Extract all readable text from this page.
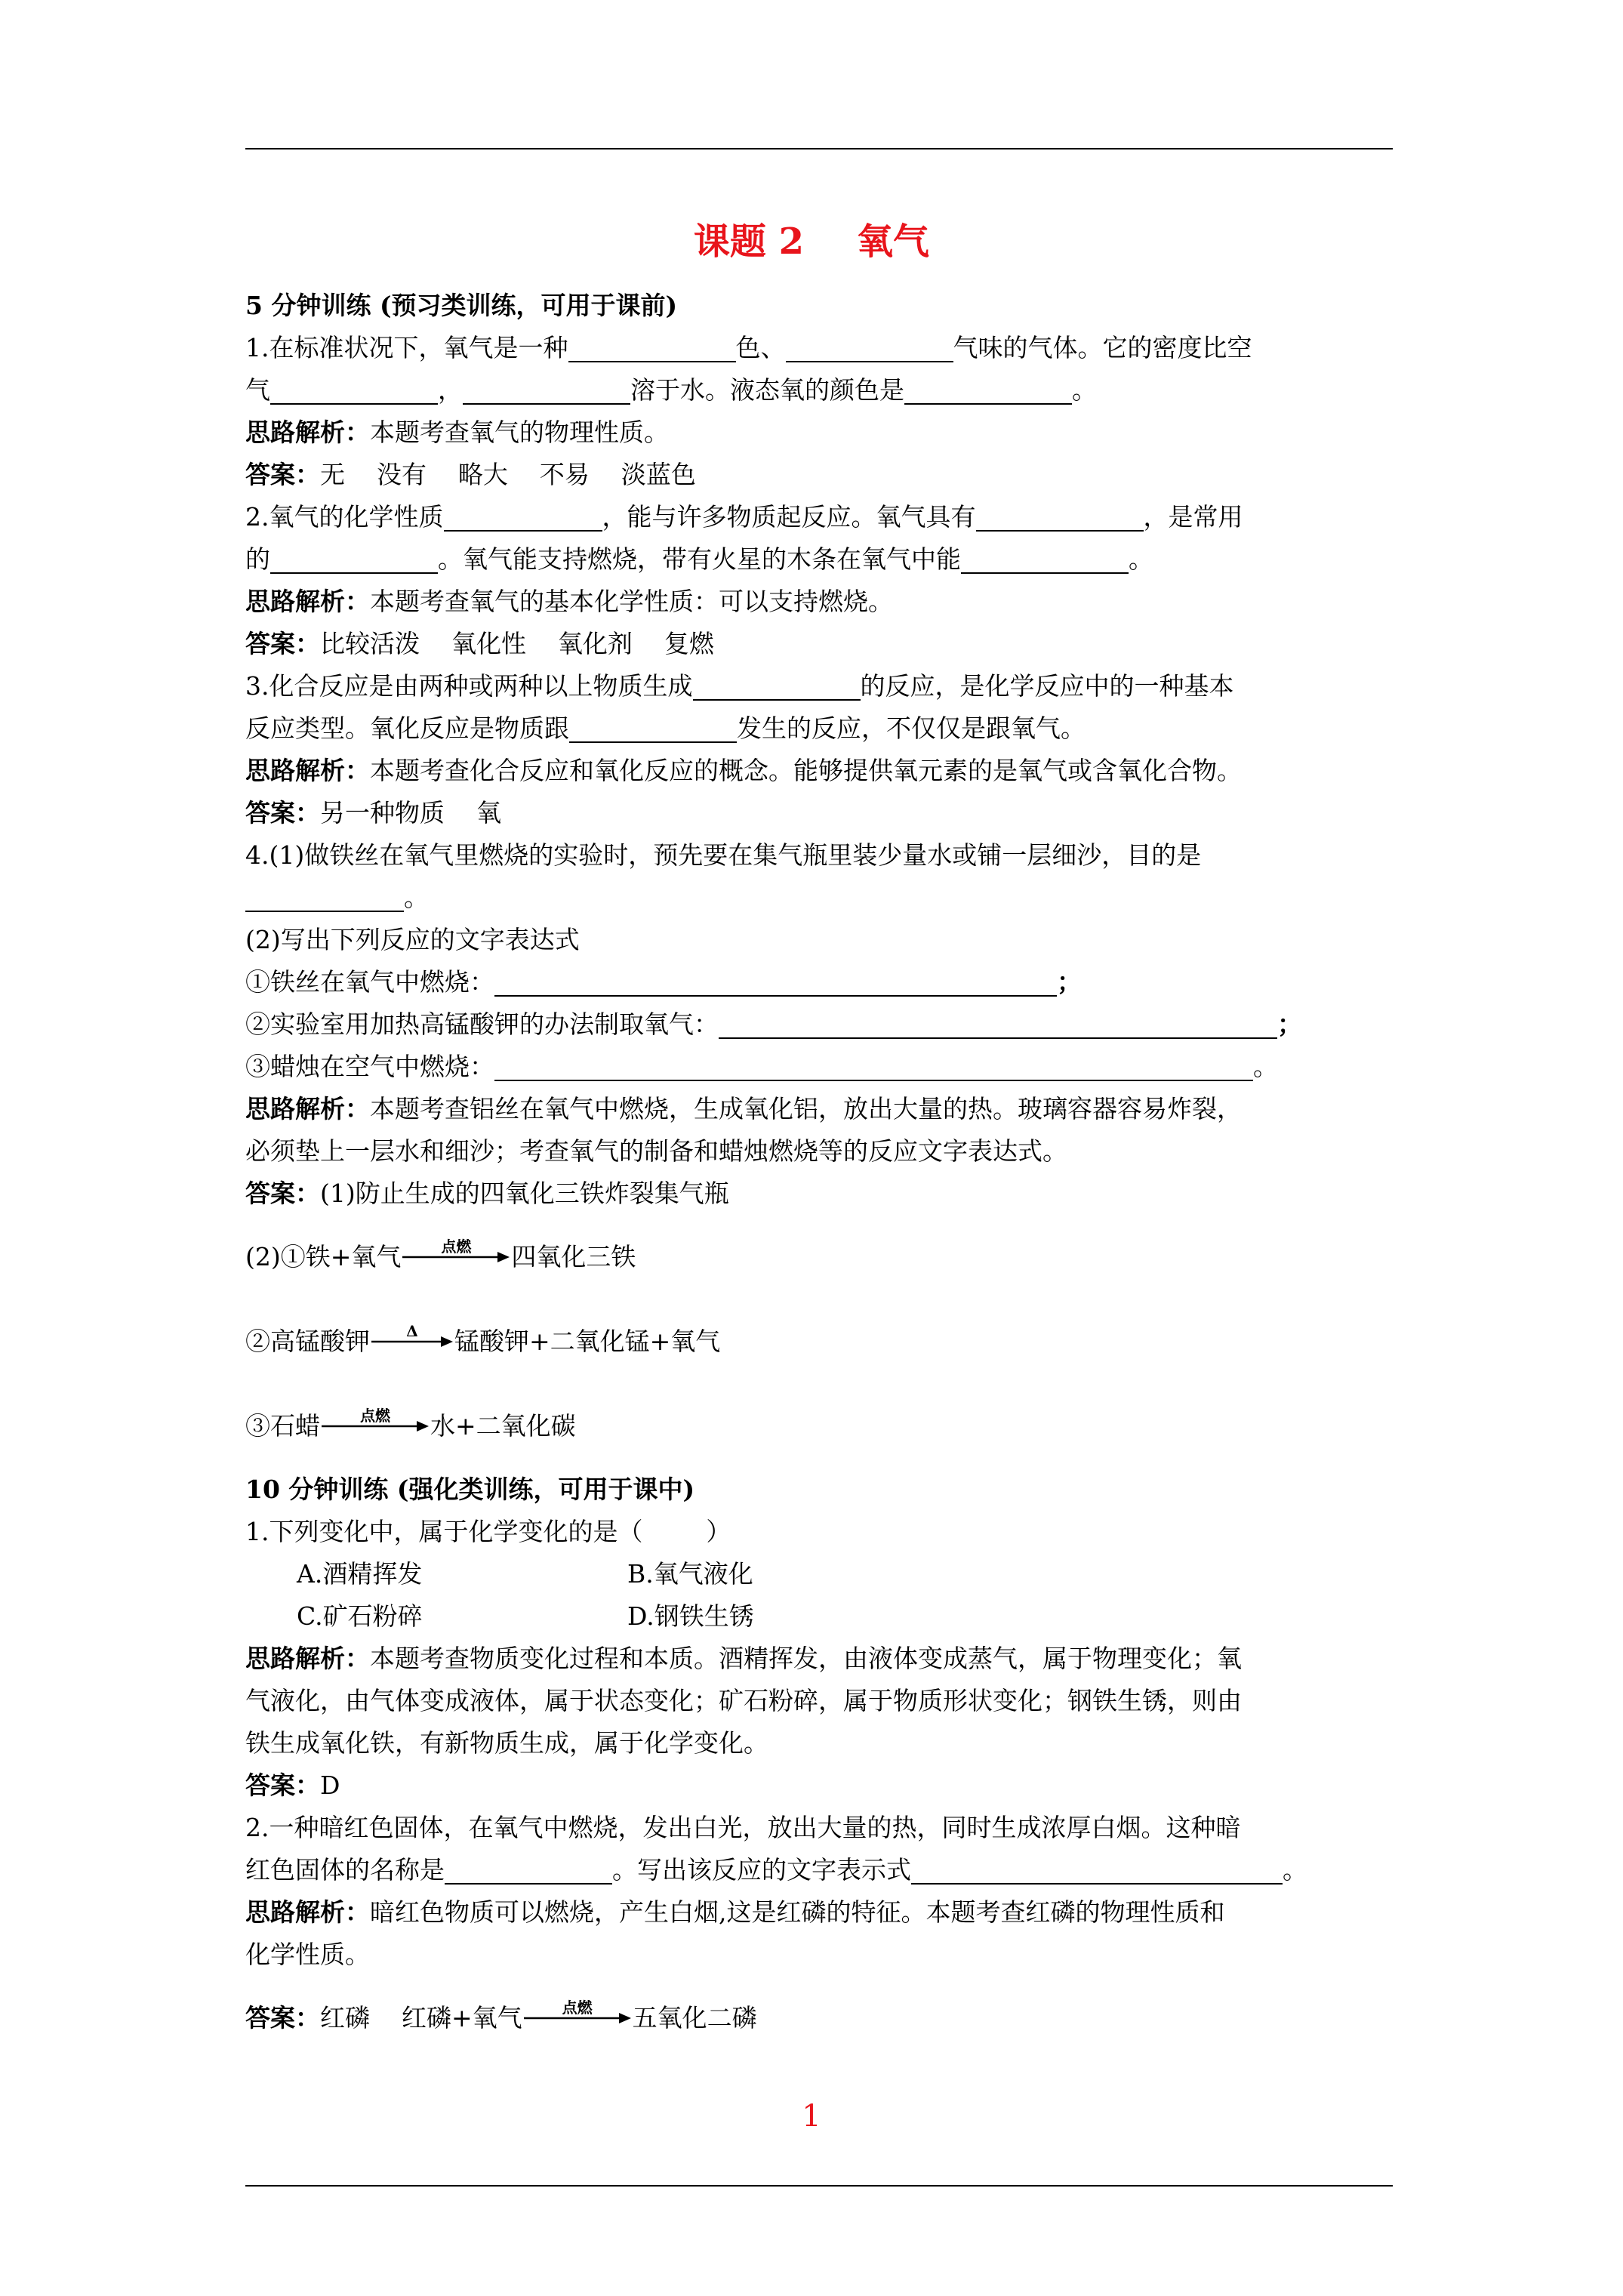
课题 2 氧气
5 分钟训练 (预习类训练，可用于课前)
1.在标准状况下，氧气是一种	色、	气味的气体。它的密度比空
气	，	溶于水。液态氧的颜色是	。
思路解析：本题考查氧气的物理性质。
答案：无    没有    略大    不易    淡蓝色
2.氧气的化学性质	，能与许多物质起反应。氧气具有	，是常用
的	。氧气能支持燃烧，带有火星的木条在氧气中能	。
思路解析：本题考查氧气的基本化学性质：可以支持燃烧。
答案：比较活泼    氧化性    氧化剂    复燃
3.化合反应是由两种或两种以上物质生成	的反应，是化学反应中的一种基本
反应类型。氧化反应是物质跟	发生的反应，不仅仅是跟氧气。
思路解析：本题考查化合反应和氧化反应的概念。能够提供氧元素的是氧气或含氧化合物。
答案：另一种物质    氧
4.(1)做铁丝在氧气里燃烧的实验时，预先要在集气瓶里装少量水或铺一层细沙，目的是
。
(2)写出下列反应的文字表达式
①铁丝在氧气中燃烧：	；
②实验室用加热高锰酸钾的办法制取氧气：	；
③蜡烛在空气中燃烧：	。
思路解析：本题考查铝丝在氧气中燃烧，生成氧化铝，放出大量的热。玻璃容器容易炸裂，
必须垫上一层水和细沙；考查氧气的制备和蜡烛燃烧等的反应文字表达式。
答案：(1)防止生成的四氧化三铁炸裂集气瓶
(2)①铁+氧气	点燃	四氧化三铁
②高锰酸钾	Δ	锰酸钾+二氧化锰+氧气
③石蜡	点燃	水+二氧化碳
10 分钟训练 (强化类训练，可用于课中)
1.下列变化中，属于化学变化的是（        ）
A.酒精挥发	B.氧气液化
C.矿石粉碎	D.钢铁生锈
思路解析：本题考查物质变化过程和本质。酒精挥发，由液体变成蒸气，属于物理变化；氧
气液化，由气体变成液体，属于状态变化；矿石粉碎，属于物质形状变化；钢铁生锈，则由
铁生成氧化铁，有新物质生成，属于化学变化。
答案：D
2.一种暗红色固体，在氧气中燃烧，发出白光，放出大量的热，同时生成浓厚白烟。这种暗
红色固体的名称是	。写出该反应的文字表示式	。
思路解析：暗红色物质可以燃烧，产生白烟,这是红磷的特征。本题考查红磷的物理性质和
化学性质。
答案： 红磷    红磷+氧气	点燃	五氧化二磷
1
